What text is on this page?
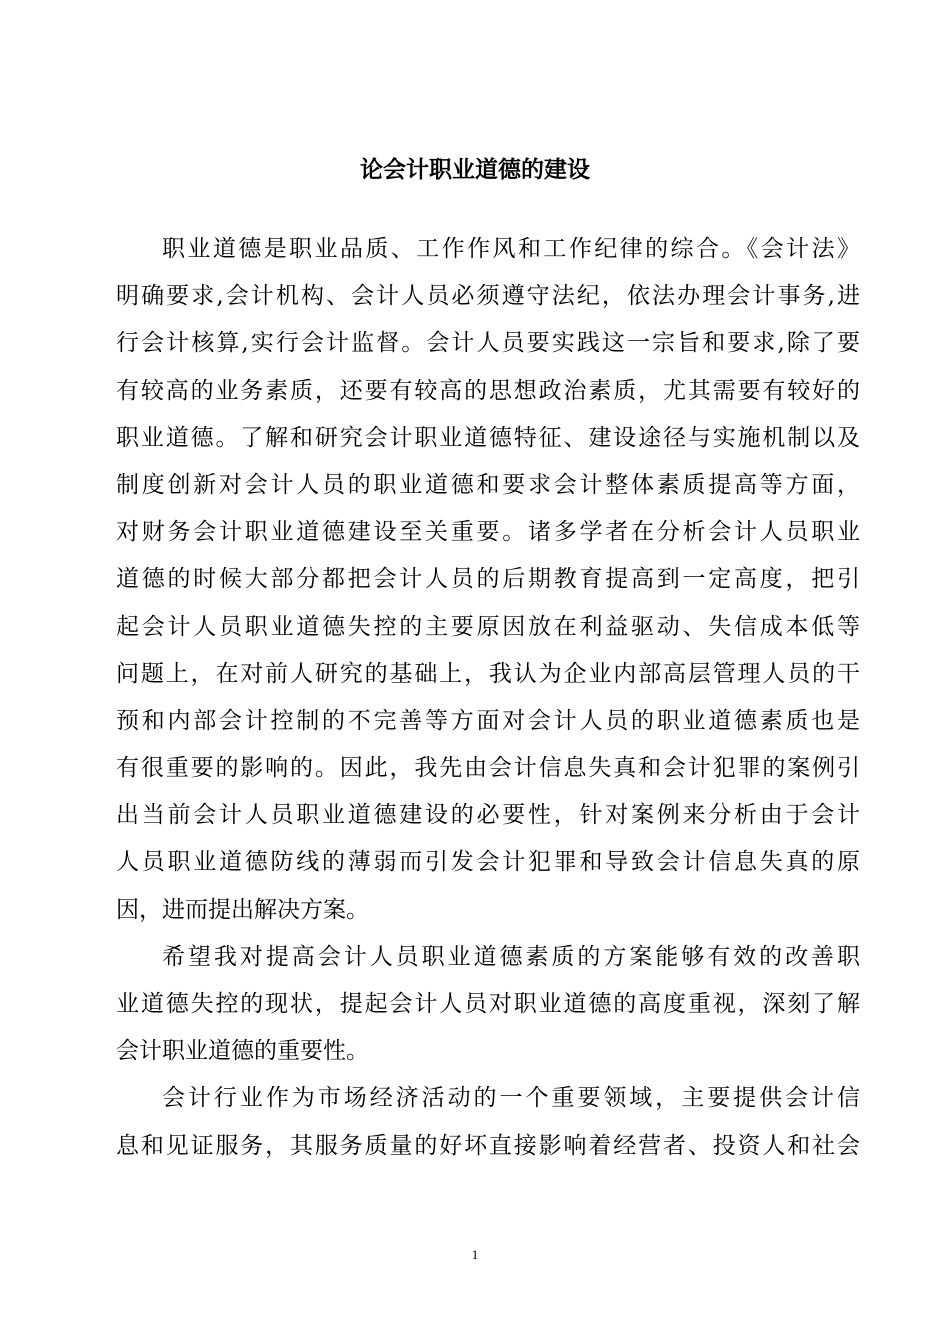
论会计职业道德的建设
职业道德是职业品质、工作作风和工作纪律的综合。《会计法》
明确要求,会计机构、会计人员必须遵守法纪，依法办理会计事务,进
行会计核算,实行会计监督。会计人员要实践这一宗旨和要求,除了要
有较高的业务素质，还要有较高的思想政治素质，尤其需要有较好的
职业道德。了解和研究会计职业道德特征、建设途径与实施机制以及
制度创新对会计人员的职业道德和要求会计整体素质提高等方面，
对财务会计职业道德建设至关重要。诸多学者在分析会计人员职业
道德的时候大部分都把会计人员的后期教育提高到一定高度，把引
起会计人员职业道德失控的主要原因放在利益驱动、失信成本低等
问题上，在对前人研究的基础上，我认为企业内部高层管理人员的干
预和内部会计控制的不完善等方面对会计人员的职业道德素质也是
有很重要的影响的。因此，我先由会计信息失真和会计犯罪的案例引
出当前会计人员职业道德建设的必要性，针对案例来分析由于会计
人员职业道德防线的薄弱而引发会计犯罪和导致会计信息失真的原
因，进而提出解决方案。
希望我对提高会计人员职业道德素质的方案能够有效的改善职
业道德失控的现状，提起会计人员对职业道德的高度重视，深刻了解
会计职业道德的重要性。
会计行业作为市场经济活动的一个重要领域，主要提供会计信
息和见证服务，其服务质量的好坏直接影响着经营者、投资人和社会
1
